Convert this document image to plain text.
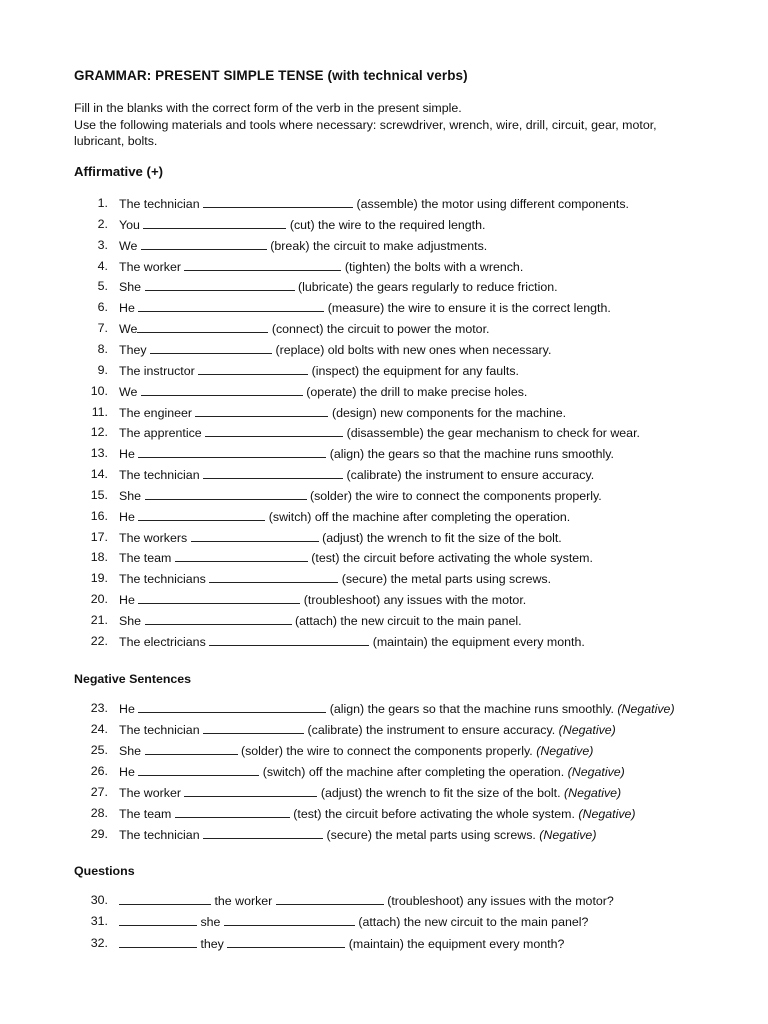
GRAMMAR: PRESENT SIMPLE TENSE (with technical verbs)
Fill in the blanks with the correct form of the verb in the present simple.
Use the following materials and tools where necessary: screwdriver, wrench, wire, drill, circuit, gear, motor,
lubricant, bolts.
Affirmative (+)
Negative Sentences
Questions
1. The technician	(assemble) the motor using different components.
2. You	(cut) the wire to the required length.
3. We	(break) the circuit to make adjustments.
4. The worker	(tighten) the bolts with a wrench.
5. She	(lubricate) the gears regularly to reduce friction.
6. He	(measure) the wire to ensure it is the correct length.
7. We	(connect) the circuit to power the motor.
8. They	(replace) old bolts with new ones when necessary.
9. The instructor	(inspect) the equipment for any faults.
10. We	(operate) the drill to make precise holes.
11. The engineer	(design) new components for the machine.
12. The apprentice	(disassemble) the gear mechanism to check for wear.
13. He	(align) the gears so that the machine runs smoothly.
14. The technician	(calibrate) the instrument to ensure accuracy.
15. She	(solder) the wire to connect the components properly.
16. He	(switch) off the machine after completing the operation.
17. The workers	(adjust) the wrench to fit the size of the bolt.
18. The team	(test) the circuit before activating the whole system.
19. The technicians	(secure) the metal parts using screws.
20. He	(troubleshoot) any issues with the motor.
21. She	(attach) the new circuit to the main panel.
22. The electricians	(maintain) the equipment every month.
23. He	(align) the gears so that the machine runs smoothly. (Negative)
24. The technician	(calibrate) the instrument to ensure accuracy. (Negative)
25. She	(solder) the wire to connect the components properly. (Negative)
26. He	(switch) off the machine after completing the operation. (Negative)
27. The worker	(adjust) the wrench to fit the size of the bolt. (Negative)
28. The team	(test) the circuit before activating the whole system. (Negative)
29. The technician	(secure) the metal parts using screws. (Negative)
30.	the worker	(troubleshoot) any issues with the motor?
31.	she	(attach) the new circuit to the main panel?
32.	they	(maintain) the equipment every month?
